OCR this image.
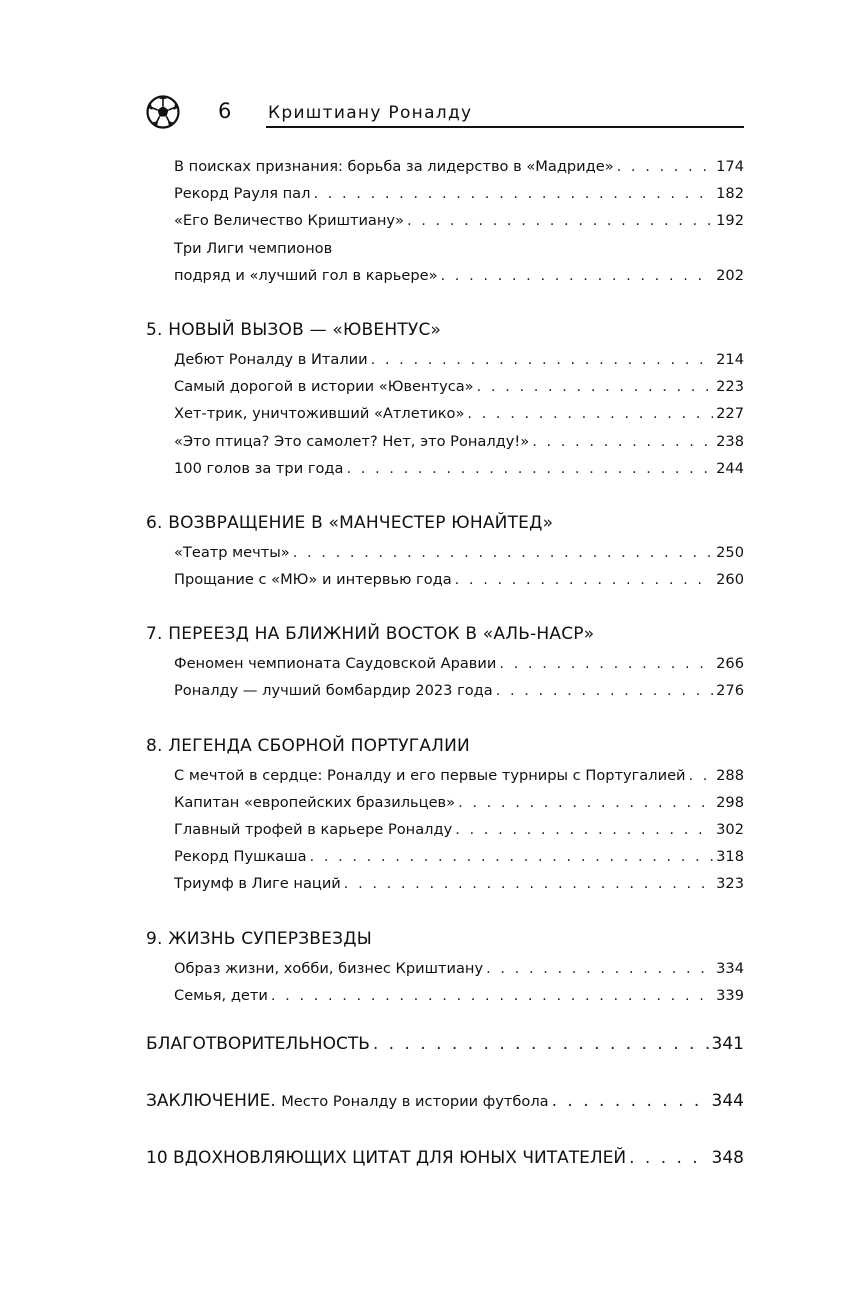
6 Криштиану Роналду
В поисках признания: борьба за лидерство в «Мадриде» . . .	174
Рекорд Рауля пал . . .	182
«Его Величество Криштиану» . . .	192
Три Лиги чемпионов
подряд и «лучший гол в карьере» . . .	202
5. НОВЫЙ ВЫЗОВ — «ЮВЕНТУС»
Дебют Роналду в Италии . . .	214
Самый дорогой в истории «Ювентуса» . . .	223
Хет-трик, уничтоживший «Атлетико» . . .	227
«Это птица? Это самолет? Нет, это Роналду!» . . .	238
100 голов за три года . . .	244
6. ВОЗВРАЩЕНИЕ В «МАНЧЕСТЕР ЮНАЙТЕД»
«Театр мечты» . . .	250
Прощание с «МЮ» и интервью года . . .	260
7. ПЕРЕЕЗД НА БЛИЖНИЙ ВОСТОК В «АЛЬ-НАСР»
Феномен чемпионата Саудовской Аравии . . .	266
Роналду — лучший бомбардир 2023 года . . .	276
8. ЛЕГЕНДА СБОРНОЙ ПОРТУГАЛИИ
С мечтой в сердце: Роналду и его первые турниры с Португалией . . . 288
Капитан «европейских бразильцев» . . .	298
Главный трофей в карьере Роналду . . .	302
Рекорд Пушкаша . . .	318
Триумф в Лиге наций . . .	323
9. ЖИЗНЬ СУПЕРЗВЕЗДЫ
Образ жизни, хобби, бизнес Криштиану . . .	334
Семья, дети . . .	339
БЛАГОТВОРИТЕЛЬНОСТЬ . . .	341
ЗАКЛЮЧЕНИЕ. Место Роналду в истории футбола . . .	344
10 ВДОХНОВЛЯЮЩИХ ЦИТАТ ДЛЯ ЮНЫХ ЧИТАТЕЛЕЙ . . .	348
